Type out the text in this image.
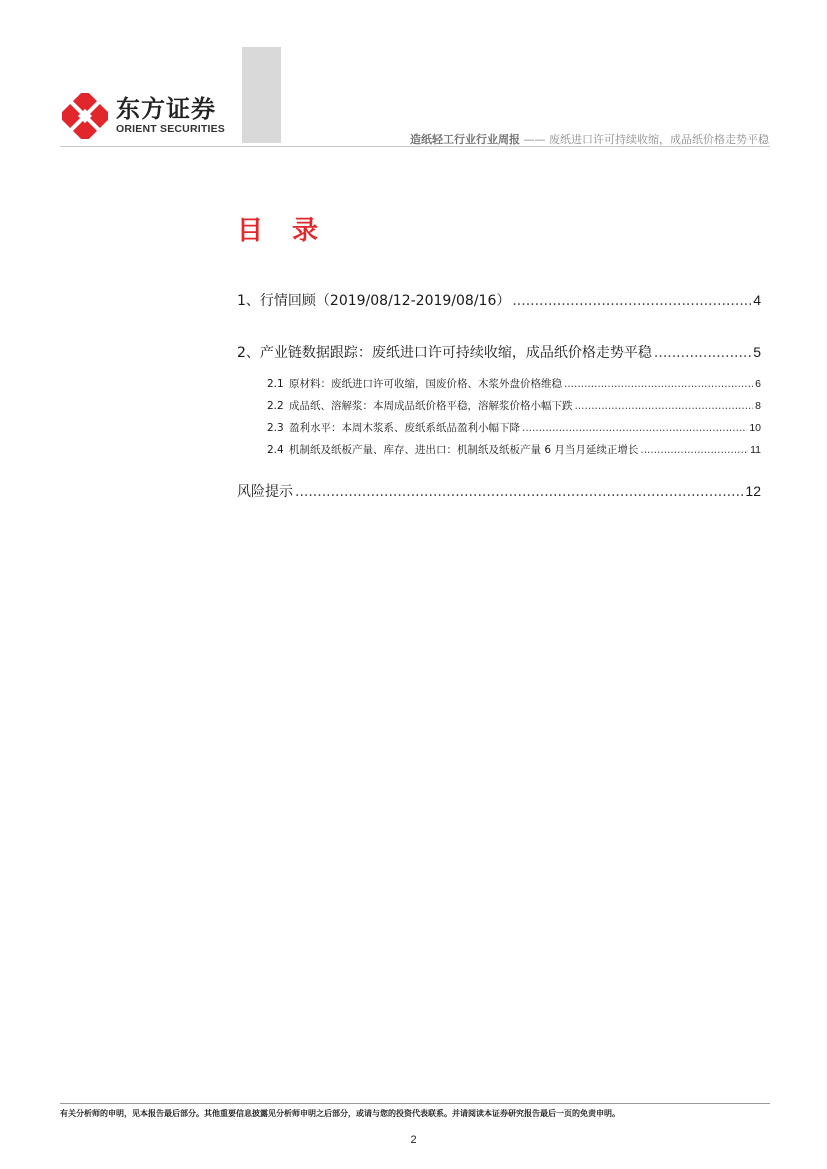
东方证券
ORIENT SECURITIES
造纸轻工行业行业周报 —— 废纸进口许可持续收缩，成品纸价格走势平稳
目 录
1、 行情回顾（2019/08/12-2019/08/16） .....	4
2、 产业链数据跟踪：废纸进口许可持续收缩，成品纸价格走势平稳 .....	5
2.1 原材料：废纸进口许可收缩，国废价格、木浆外盘价格维稳 .....	6
2.2 成品纸、溶解浆：本周成品纸价格平稳，溶解浆价格小幅下跌 .....	8
2.3 盈利水平：本周木浆系、废纸系纸品盈利小幅下降 .....	10
2.4 机制纸及纸板产量、库存、进出口：机制纸及纸板产量 6 月当月延续正增长 .....	11
风险提示 .....	12
有关分析师的申明，见本报告最后部分。其他重要信息披露见分析师申明之后部分，或请与您的投资代表联系。并请阅读本证券研究报告最后一页的免责申明。
2
